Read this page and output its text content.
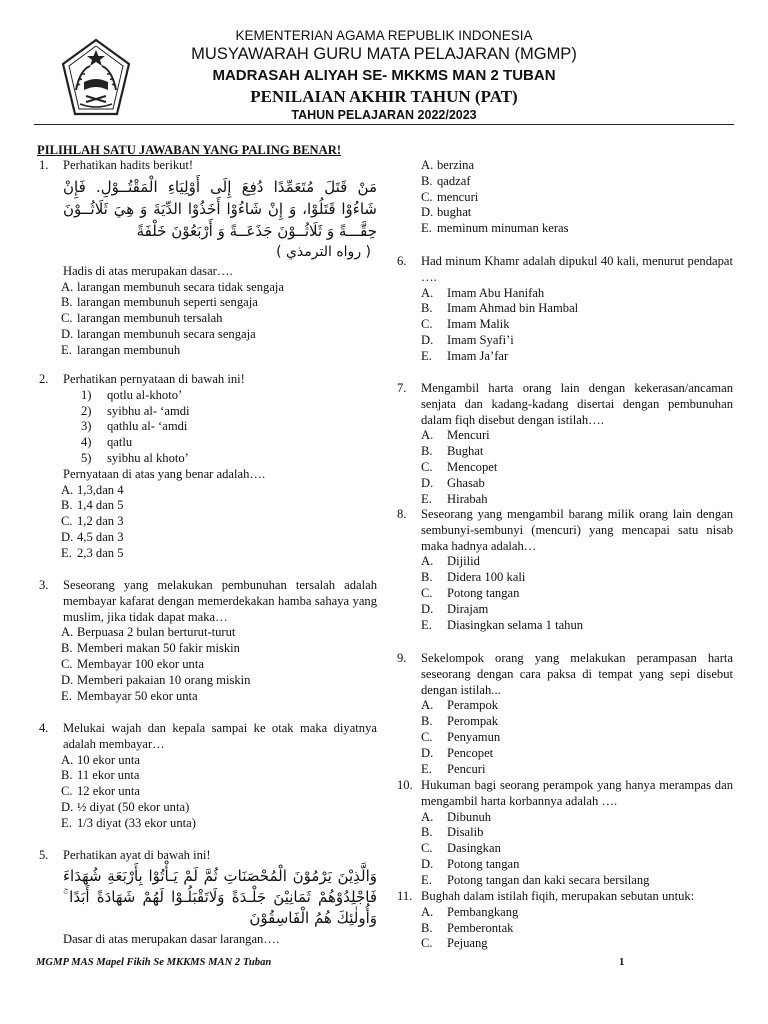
KEMENTERIAN AGAMA REPUBLIK INDONESIA
MUSYAWARAH GURU MATA PELAJARAN (MGMP)
MADRASAH ALIYAH SE- MKKMS MAN 2 TUBAN
PENILAIAN AKHIR TAHUN (PAT)
TAHUN PELAJARAN 2022/2023
PILIHLAH SATU JAWABAN YANG PALING BENAR!
1. Perhatikan hadits berikut!

مَنْ قَتَلَ مُتَعَمِّدًا دُفِعَ إِلَى أَوْلِيَاءِ الْمَقْتُــوْلِ. فَإِنْ شَاءُوْا قَتَلُوْا، وَ إِنْ شَاءُوْا أَخَذُوْا الدِّيَةَ وَ هِيَ ثَلَاثُــوْنَ حِقَّـــةً وَ ثَلَاثُــوْنَ جَذَعَــةً وَ أَرْبَعُوْنَ خَلْفَةً

( رواه الترمذي )

Hadis di atas merupakan dasar….

A. larangan membunuh secara tidak sengaja
B. larangan membunuh seperti sengaja
C. larangan membunuh tersalah
D. larangan membunuh secara sengaja
E. larangan membunuh
2. Perhatikan pernyataan di bawah ini!

1)	qotlu al-khoto’
2)	syibhu al- ‘amdi
3)	qathlu al- ‘amdi
4)	qatlu
5)	syibhu al khoto’

Pernyataan di atas yang benar adalah….

A. 1,3,dan 4
B. 1,4 dan 5
C. 1,2 dan 3
D. 4,5 dan 3
E. 2,3 dan 5
3. Seseorang yang melakukan pembunuhan tersalah adalah membayar kafarat dengan memerdekakan hamba sahaya yang muslim, jika tidak dapat maka…

A. Berpuasa 2 bulan berturut-turut
B. Memberi makan 50 fakir miskin
C. Membayar 100 ekor unta
D. Memberi pakaian 10 orang miskin
E. Membayar 50 ekor unta
4. Melukai wajah dan kepala sampai ke otak maka diyatnya adalah membayar…

A. 10 ekor unta
B. 11 ekor unta
C. 12 ekor unta
D. ½ diyat (50 ekor unta)
E. 1/3 diyat (33 ekor unta)
5. Perhatikan ayat di bawah ini!

وَالَّذِيْنَ يَرْمُوْنَ الْمُحْصَنَاتِ ثُمَّ لَمْ يَـأْتُوْا بِأَرْبَعَةِ شُهَدَاءَ فَاجْلِدُوْهُمْ ثَمَانِيْنَ جَلْـدَةً وَلَاتَقْبَلُـوْا لَهُمْ شَهَادَةً أَبَدًا ۚ وَأُولٰئِكَ هُمُ الْفَاسِقُوْنَ

Dasar di atas merupakan dasar larangan….

A. berzina
B. qadzaf
C. mencuri
D. bughat
E. meminum minuman keras
6. Had minum Khamr adalah dipukul 40 kali, menurut pendapat ….

A.	Imam Abu Hanifah
B.	Imam Ahmad bin Hambal
C.	Imam Malik
D.	Imam Syafi’i
E.	Imam Ja’far
7. Mengambil harta orang lain dengan kekerasan/ancaman senjata dan kadang-kadang disertai dengan pembunuhan dalam fiqh disebut dengan istilah….

A.	Mencuri
B.	Bughat
C.	Mencopet
D.	Ghasab
E.	Hirabah
8. Seseorang yang mengambil barang milik orang lain dengan sembunyi-sembunyi (mencuri) yang mencapai satu nisab maka hadnya adalah…

A.	Dijilid
B.	Didera 100 kali
C.	Potong tangan
D.	Dirajam
E.	Diasingkan selama 1 tahun
9. Sekelompok orang yang melakukan perampasan harta seseorang dengan cara paksa di tempat yang sepi disebut dengan istilah...

A.	Perampok
B.	Perompak
C.	Penyamun
D.	Pencopet
E.	Pencuri
10. Hukuman bagi seorang perampok yang hanya merampas dan mengambil harta korbannya adalah ….

A.	Dibunuh
B.	Disalib
C.	Dasingkan
D.	Potong tangan
E.	Potong tangan dan kaki secara bersilang
11. Bughah dalam istilah fiqih, merupakan sebutan untuk:

A.	Pembangkang
B.	Pemberontak
C.	Pejuang
MGMP MAS Mapel Fikih Se MKKMS MAN 2 Tuban	1
